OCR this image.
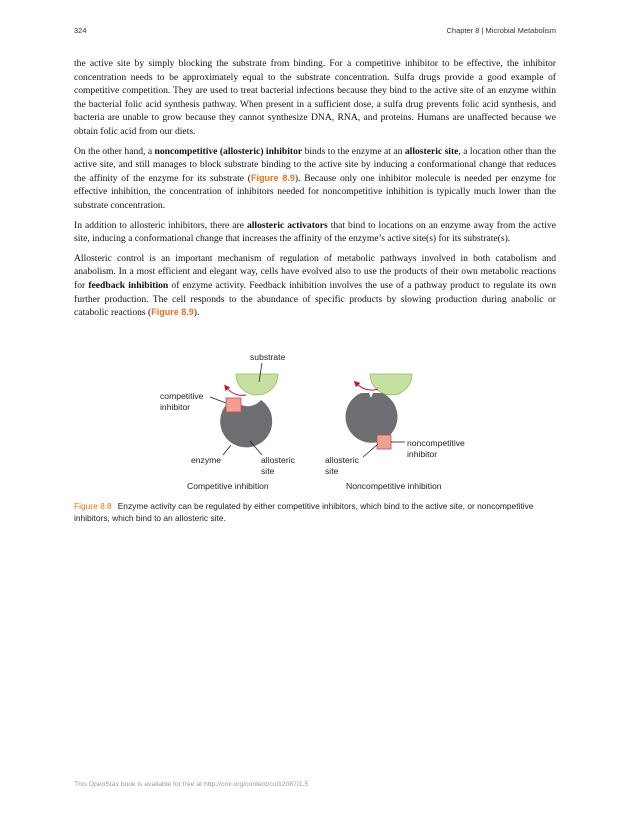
324	Chapter 8 | Microbial Metabolism

the active site by simply blocking the substrate from binding. For a competitive inhibitor to be effective, the inhibitor concentration needs to be approximately equal to the substrate concentration. Sulfa drugs provide a good example of competitive competition. They are used to treat bacterial infections because they bind to the active site of an enzyme within the bacterial folic acid synthesis pathway. When present in a sufficient dose, a sulfa drug prevents folic acid synthesis, and bacteria are unable to grow because they cannot synthesize DNA, RNA, and proteins. Humans are unaffected because we obtain folic acid from our diets.

On the other hand, a noncompetitive (allosteric) inhibitor binds to the enzyme at an allosteric site, a location other than the active site, and still manages to block substrate binding to the active site by inducing a conformational change that reduces the affinity of the enzyme for its substrate (Figure 8.9). Because only one inhibitor molecule is needed per enzyme for effective inhibition, the concentration of inhibitors needed for noncompetitive inhibition is typically much lower than the substrate concentration.

In addition to allosteric inhibitors, there are allosteric activators that bind to locations on an enzyme away from the active site, inducing a conformational change that increases the affinity of the enzyme’s active site(s) for its substrate(s).

Allosteric control is an important mechanism of regulation of metabolic pathways involved in both catabolism and anabolism. In a most efficient and elegant way, cells have evolved also to use the products of their own metabolic reactions for feedback inhibition of enzyme activity. Feedback inhibition involves the use of a pathway product to regulate its own further production. The cell responds to the abundance of specific products by slowing production during anabolic or catabolic reactions (Figure 8.9).

substrate
competitive
inhibitor
enzyme	allosteric
site
Competitive inhibition
noncompetitive
inhibitor
allosteric
site
Noncompetitive inhibition
Figure 8.8 Enzyme activity can be regulated by either competitive inhibitors, which bind to the active site, or noncompetitive inhibitors, which bind to an allosteric site.
This OpenStax book is available for free at http://cnx.org/content/col12087/1.5
